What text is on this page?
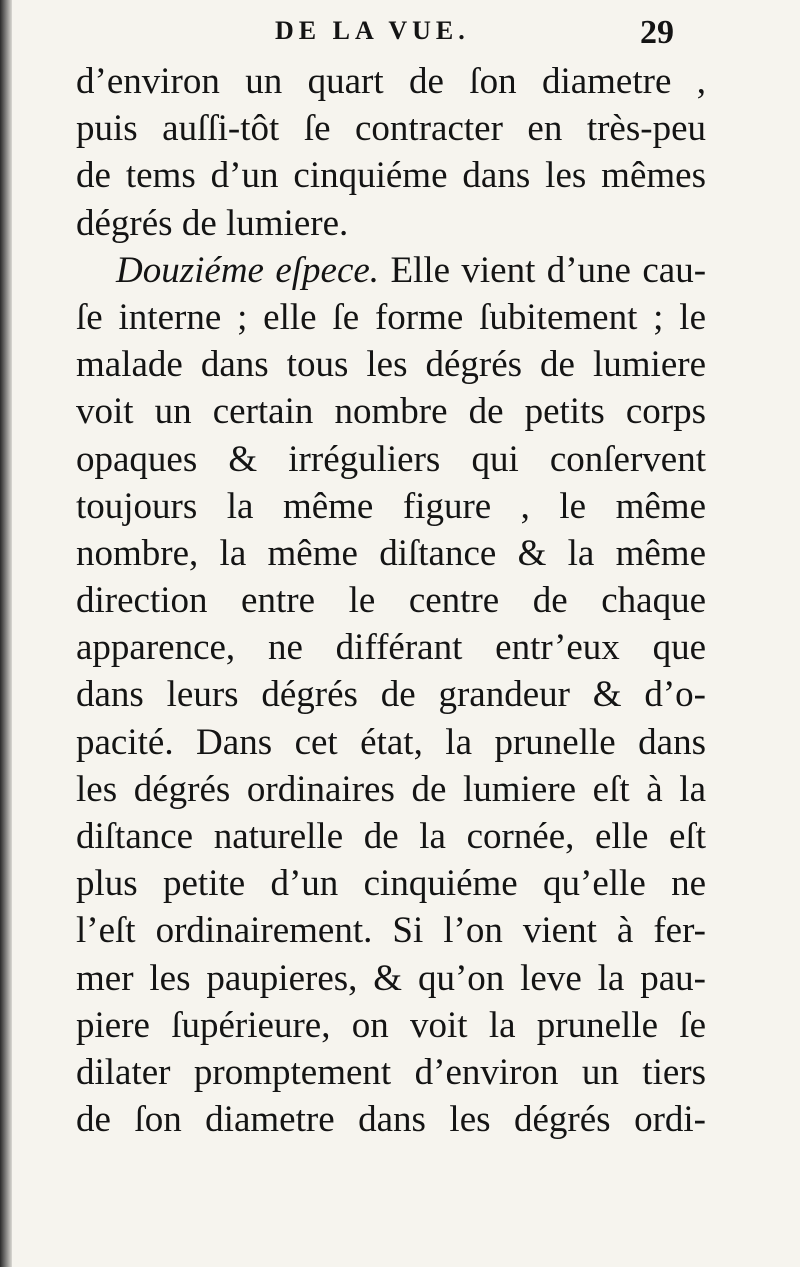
DE LA VUE.	29
d’environ un quart de ſon diametre ,
puis auſſi-tôt ſe contracter en très-peu
de tems d’un cinquiéme dans les mêmes
dégrés de lumiere.
Douziéme eſpece. Elle vient d’une cau-
ſe interne ; elle ſe forme ſubitement ; le
malade dans tous les dégrés de lumiere
voit un certain nombre de petits corps
opaques & irréguliers qui conſervent
toujours la même figure , le même
nombre, la même diſtance & la même
direction entre le centre de chaque
apparence, ne différant entr’eux que
dans leurs dégrés de grandeur & d’o-
pacité. Dans cet état, la prunelle dans
les dégrés ordinaires de lumiere eſt à la
diſtance naturelle de la cornée, elle eſt
plus petite d’un cinquiéme qu’elle ne
l’eſt ordinairement. Si l’on vient à fer-
mer les paupieres, & qu’on leve la pau-
piere ſupérieure, on voit la prunelle ſe
dilater promptement d’environ un tiers
de ſon diametre dans les dégrés ordi-
